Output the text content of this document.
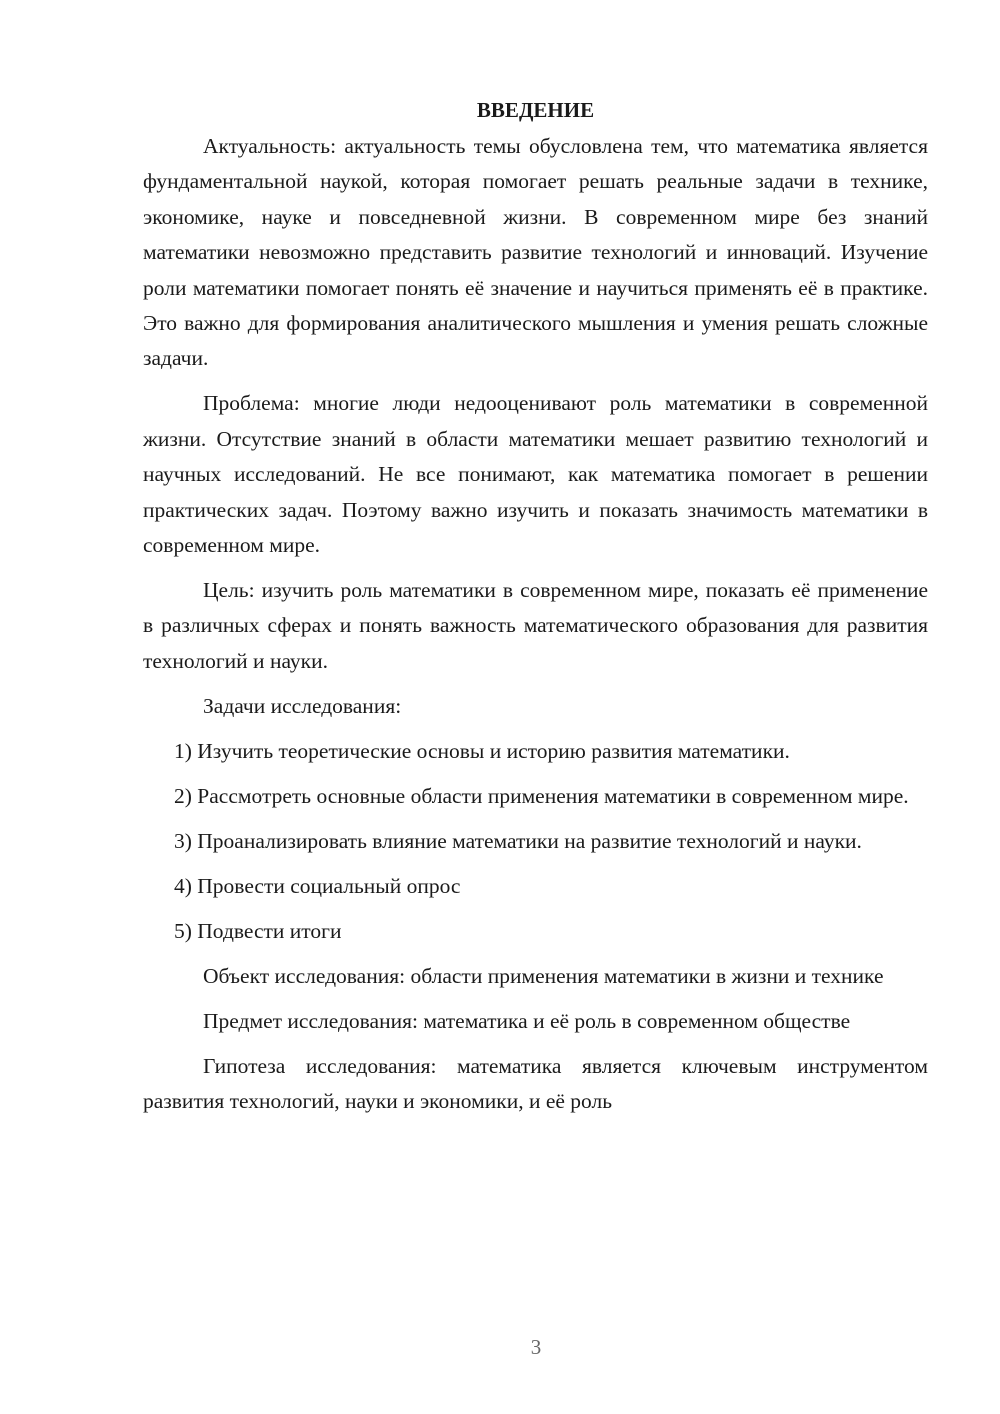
ВВЕДЕНИЕ

Актуальность: актуальность темы обусловлена тем, что математика является фундаментальной наукой, которая помогает решать реальные задачи в технике, экономике, науке и повседневной жизни. В современном мире без знаний математики невозможно представить развитие технологий и инноваций. Изучение роли математики помогает понять её значение и научиться применять её в практике. Это важно для формирования аналитического мышления и умения решать сложные задачи.

Проблема: многие люди недооценивают роль математики в современной жизни. Отсутствие знаний в области математики мешает развитию технологий и научных исследований. Не все понимают, как математика помогает в решении практических задач. Поэтому важно изучить и показать значимость математики в современном мире.

Цель: изучить роль математики в современном мире, показать её применение в различных сферах и понять важность математического образования для развития технологий и науки.

Задачи исследования:

1) Изучить теоретические основы и историю развития математики.

2) Рассмотреть основные области применения математики в современном мире.

3) Проанализировать влияние математики на развитие технологий и науки.

4) Провести социальный опрос

5) Подвести итоги

Объект исследования: области применения математики в жизни и технике

Предмет исследования: математика и её роль в современном обществе

Гипотеза исследования: математика является ключевым инструментом развития технологий, науки и экономики, и её роль

3
